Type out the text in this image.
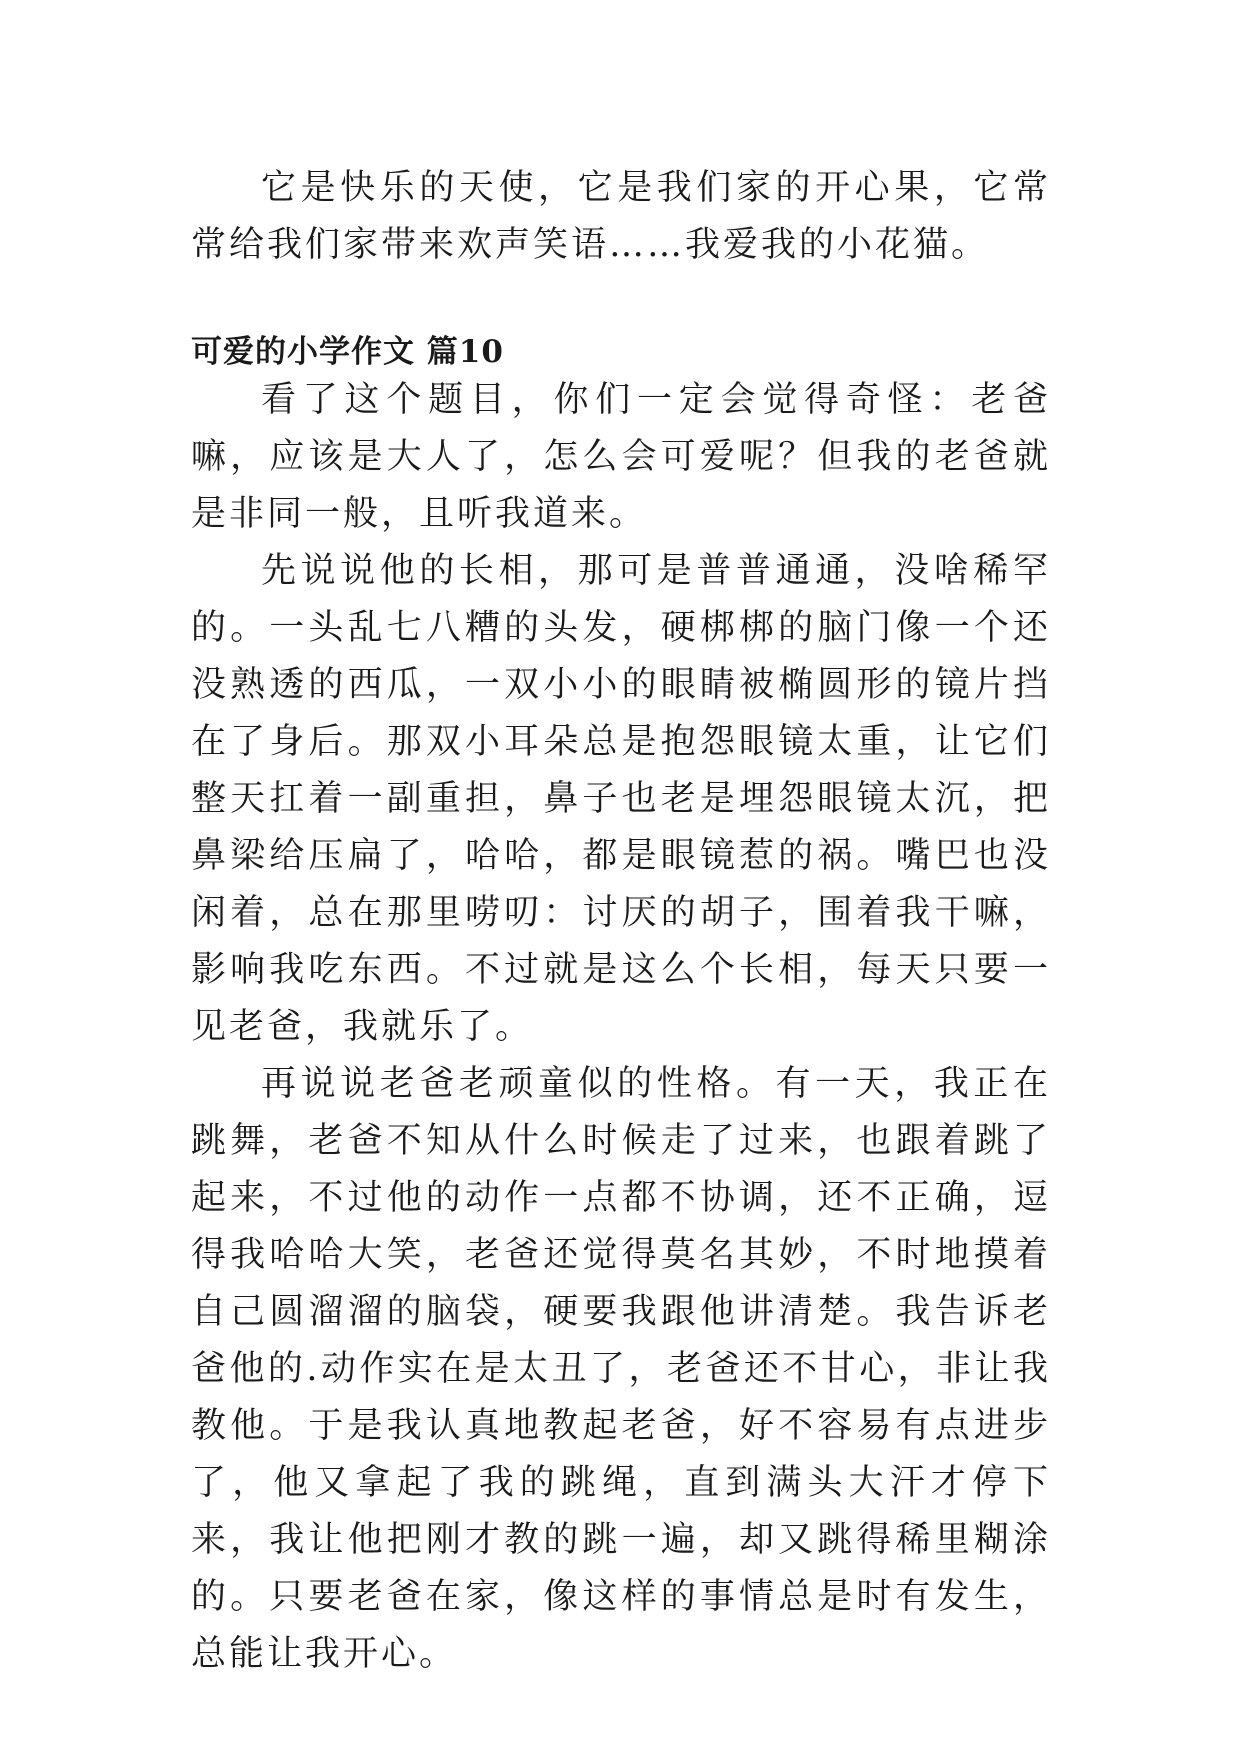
它是快乐的天使，它是我们家的开心果，它常常给我们家带来欢声笑语……我爱我的小花猫。

可爱的小学作文 篇10

看了这个题目，你们一定会觉得奇怪：老爸嘛，应该是大人了，怎么会可爱呢？但我的老爸就是非同一般，且听我道来。

先说说他的长相，那可是普普通通，没啥稀罕的。一头乱七八糟的头发，硬梆梆的脑门像一个还没熟透的西瓜，一双小小的眼睛被椭圆形的镜片挡在了身后。那双小耳朵总是抱怨眼镜太重，让它们整天扛着一副重担，鼻子也老是埋怨眼镜太沉，把鼻梁给压扁了，哈哈，都是眼镜惹的祸。嘴巴也没闲着，总在那里唠叨：讨厌的胡子，围着我干嘛，影响我吃东西。不过就是这么个长相，每天只要一见老爸，我就乐了。

再说说老爸老顽童似的性格。有一天，我正在跳舞，老爸不知从什么时候走了过来，也跟着跳了起来，不过他的动作一点都不协调，还不正确，逗得我哈哈大笑，老爸还觉得莫名其妙，不时地摸着自己圆溜溜的脑袋，硬要我跟他讲清楚。我告诉老爸他的.动作实在是太丑了，老爸还不甘心，非让我教他。于是我认真地教起老爸，好不容易有点进步了，他又拿起了我的跳绳，直到满头大汗才停下来，我让他把刚才教的跳一遍，却又跳得稀里糊涂的。只要老爸在家，像这样的事情总是时有发生，总能让我开心。
